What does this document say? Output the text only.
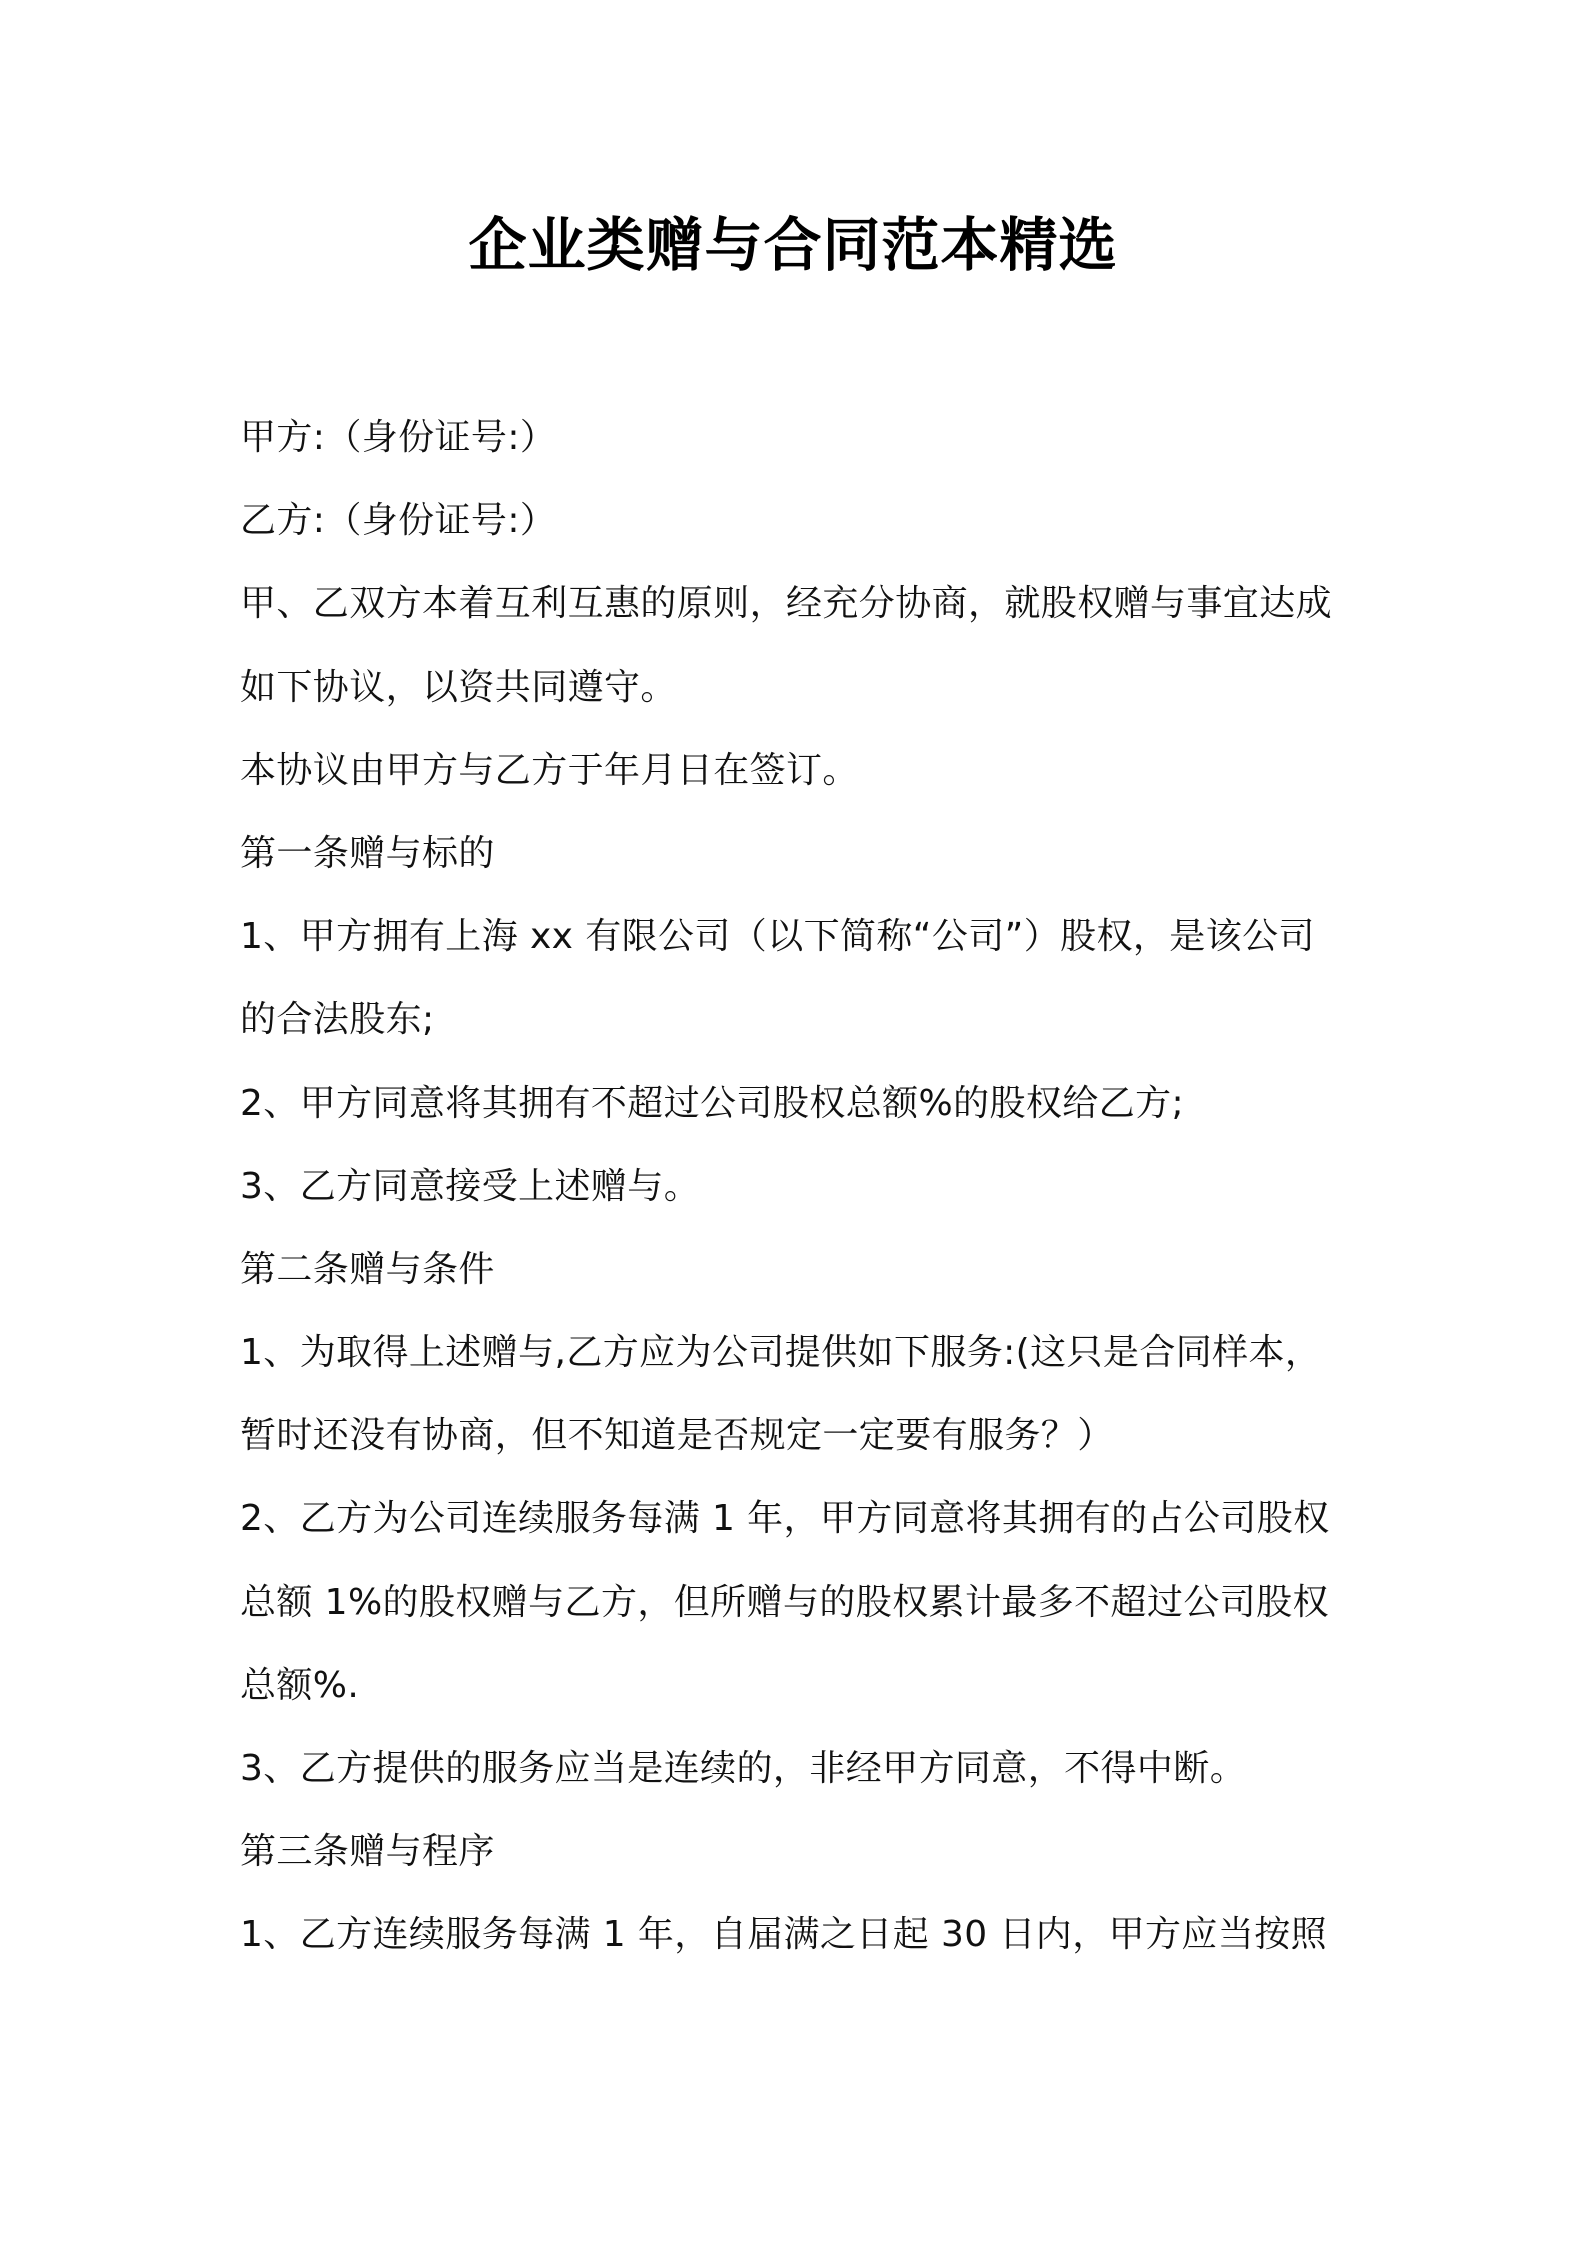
企业类赠与合同范本精选
甲方:（身份证号:）
乙方:（身份证号:）
甲、乙双方本着互利互惠的原则，经充分协商，就股权赠与事宜达成
如下协议，以资共同遵守。
本协议由甲方与乙方于年月日在签订。
第一条赠与标的
1、甲方拥有上海 xx 有限公司（以下简称“公司”）股权，是该公司
的合法股东;
2、甲方同意将其拥有不超过公司股权总额%的股权给乙方;
3、乙方同意接受上述赠与。
第二条赠与条件
1、为取得上述赠与,乙方应为公司提供如下服务:(这只是合同样本，
暂时还没有协商，但不知道是否规定一定要有服务？）
2、乙方为公司连续服务每满 1 年，甲方同意将其拥有的占公司股权
总额 1%的股权赠与乙方，但所赠与的股权累计最多不超过公司股权
总额%.
3、乙方提供的服务应当是连续的，非经甲方同意，不得中断。
第三条赠与程序
1、乙方连续服务每满 1 年，自届满之日起 30 日内，甲方应当按照
